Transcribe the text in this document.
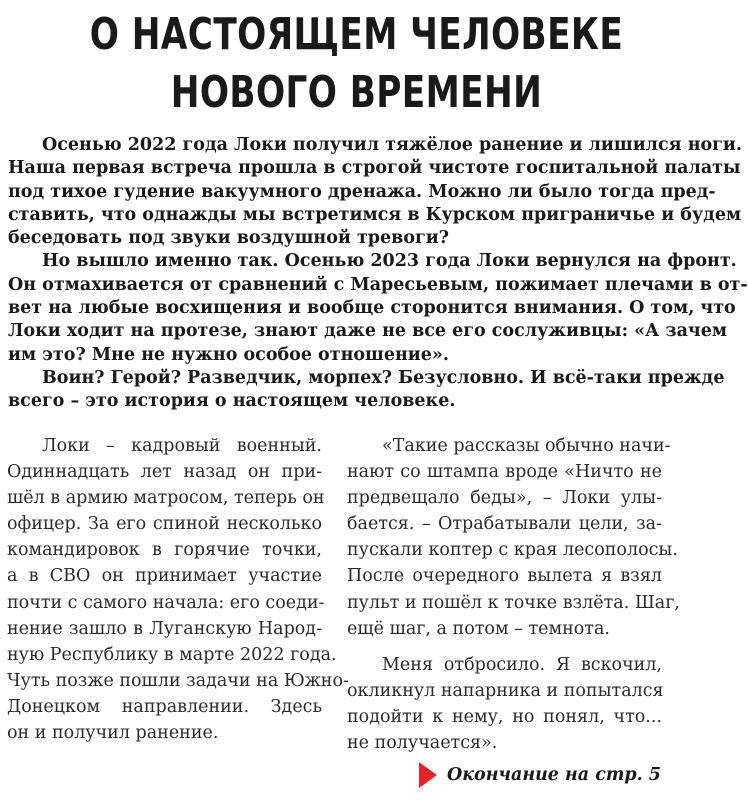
О НАСТОЯЩЕМ ЧЕЛОВЕКЕ
НОВОГО ВРЕМЕНИ
Осенью 2022 года Локи получил тяжёлое ранение и лишился ноги.
Наша первая встреча прошла в строгой чистоте госпитальной палаты
под тихое гудение вакуумного дренажа. Можно ли было тогда пред-
ставить, что однажды мы встретимся в Курском приграничье и будем
беседовать под звуки воздушной тревоги?
Но вышло именно так. Осенью 2023 года Локи вернулся на фронт.
Он отмахивается от сравнений с Маресьевым, пожимает плечами в от-
вет на любые восхищения и вообще сторонится внимания. О том, что
Локи ходит на протезе, знают даже не все его сослуживцы: «А зачем
им это? Мне не нужно особое отношение».
Воин? Герой? Разведчик, морпех? Безусловно. И всё-таки прежде
всего – это история о настоящем человеке.
Локи – кадровый военный.
Одиннадцать лет назад он при-
шёл в армию матросом, теперь он
офицер. За его спиной несколько
командировок в горячие точки,
а в СВО он принимает участие
почти с самого начала: его соеди-
нение зашло в Луганскую Народ-
ную Республику в марте 2022 года.
Чуть позже пошли задачи на Южно-
Донецком направлении. Здесь
он и получил ранение.
«Такие рассказы обычно начи-
нают со штампа вроде «Ничто не
предвещало беды», – Локи улы-
бается. – Отрабатывали цели, за-
пускали коптер с края лесополосы.
После очередного вылета я взял
пульт и пошёл к точке взлёта. Шаг,
ещё шаг, а потом – темнота.
Меня отбросило. Я вскочил,
окликнул напарника и попытался
подойти к нему, но понял, что...
не получается».
Окончание на стр. 5
